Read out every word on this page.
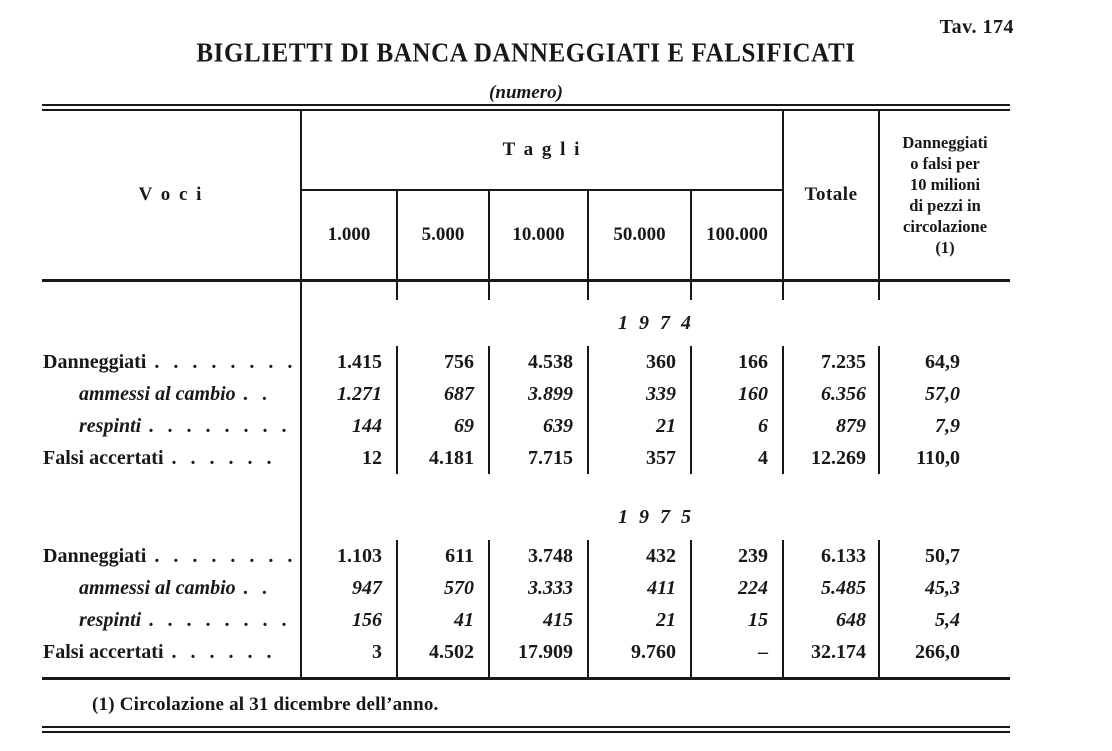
Tav. 174
BIGLIETTI DI BANCA DANNEGGIATI E FALSIFICATI
(numero)
V o c i	T a g l i	Totale	
Danneggiati
o falsi per
10 milioni
di pezzi in
circolazione
(1)

	1.000	5.000	10.000	50.000	100.000		

	1 9 7 4						
Danneggiati . . . . . . . .	1.415	756	4.538	360	166	7.235	64,9
ammessi al cambio . .	1.271	687	3.899	339	160	6.356	57,0
respinti . . . . . . . .	144	69	639	21	6	879	7,9
Falsi accertati . . . . . .	12	4.181	7.715	357	4	12.269	110,0

	1 9 7 5						
Danneggiati . . . . . . . .	1.103	611	3.748	432	239	6.133	50,7
ammessi al cambio . .	947	570	3.333	411	224	5.485	45,3
respinti . . . . . . . .	156	41	415	21	15	648	5,4
Falsi accertati . . . . . .	3	4.502	17.909	9.760	–	32.174	266,0

(1) Circolazione al 31 dicembre dell’anno.
